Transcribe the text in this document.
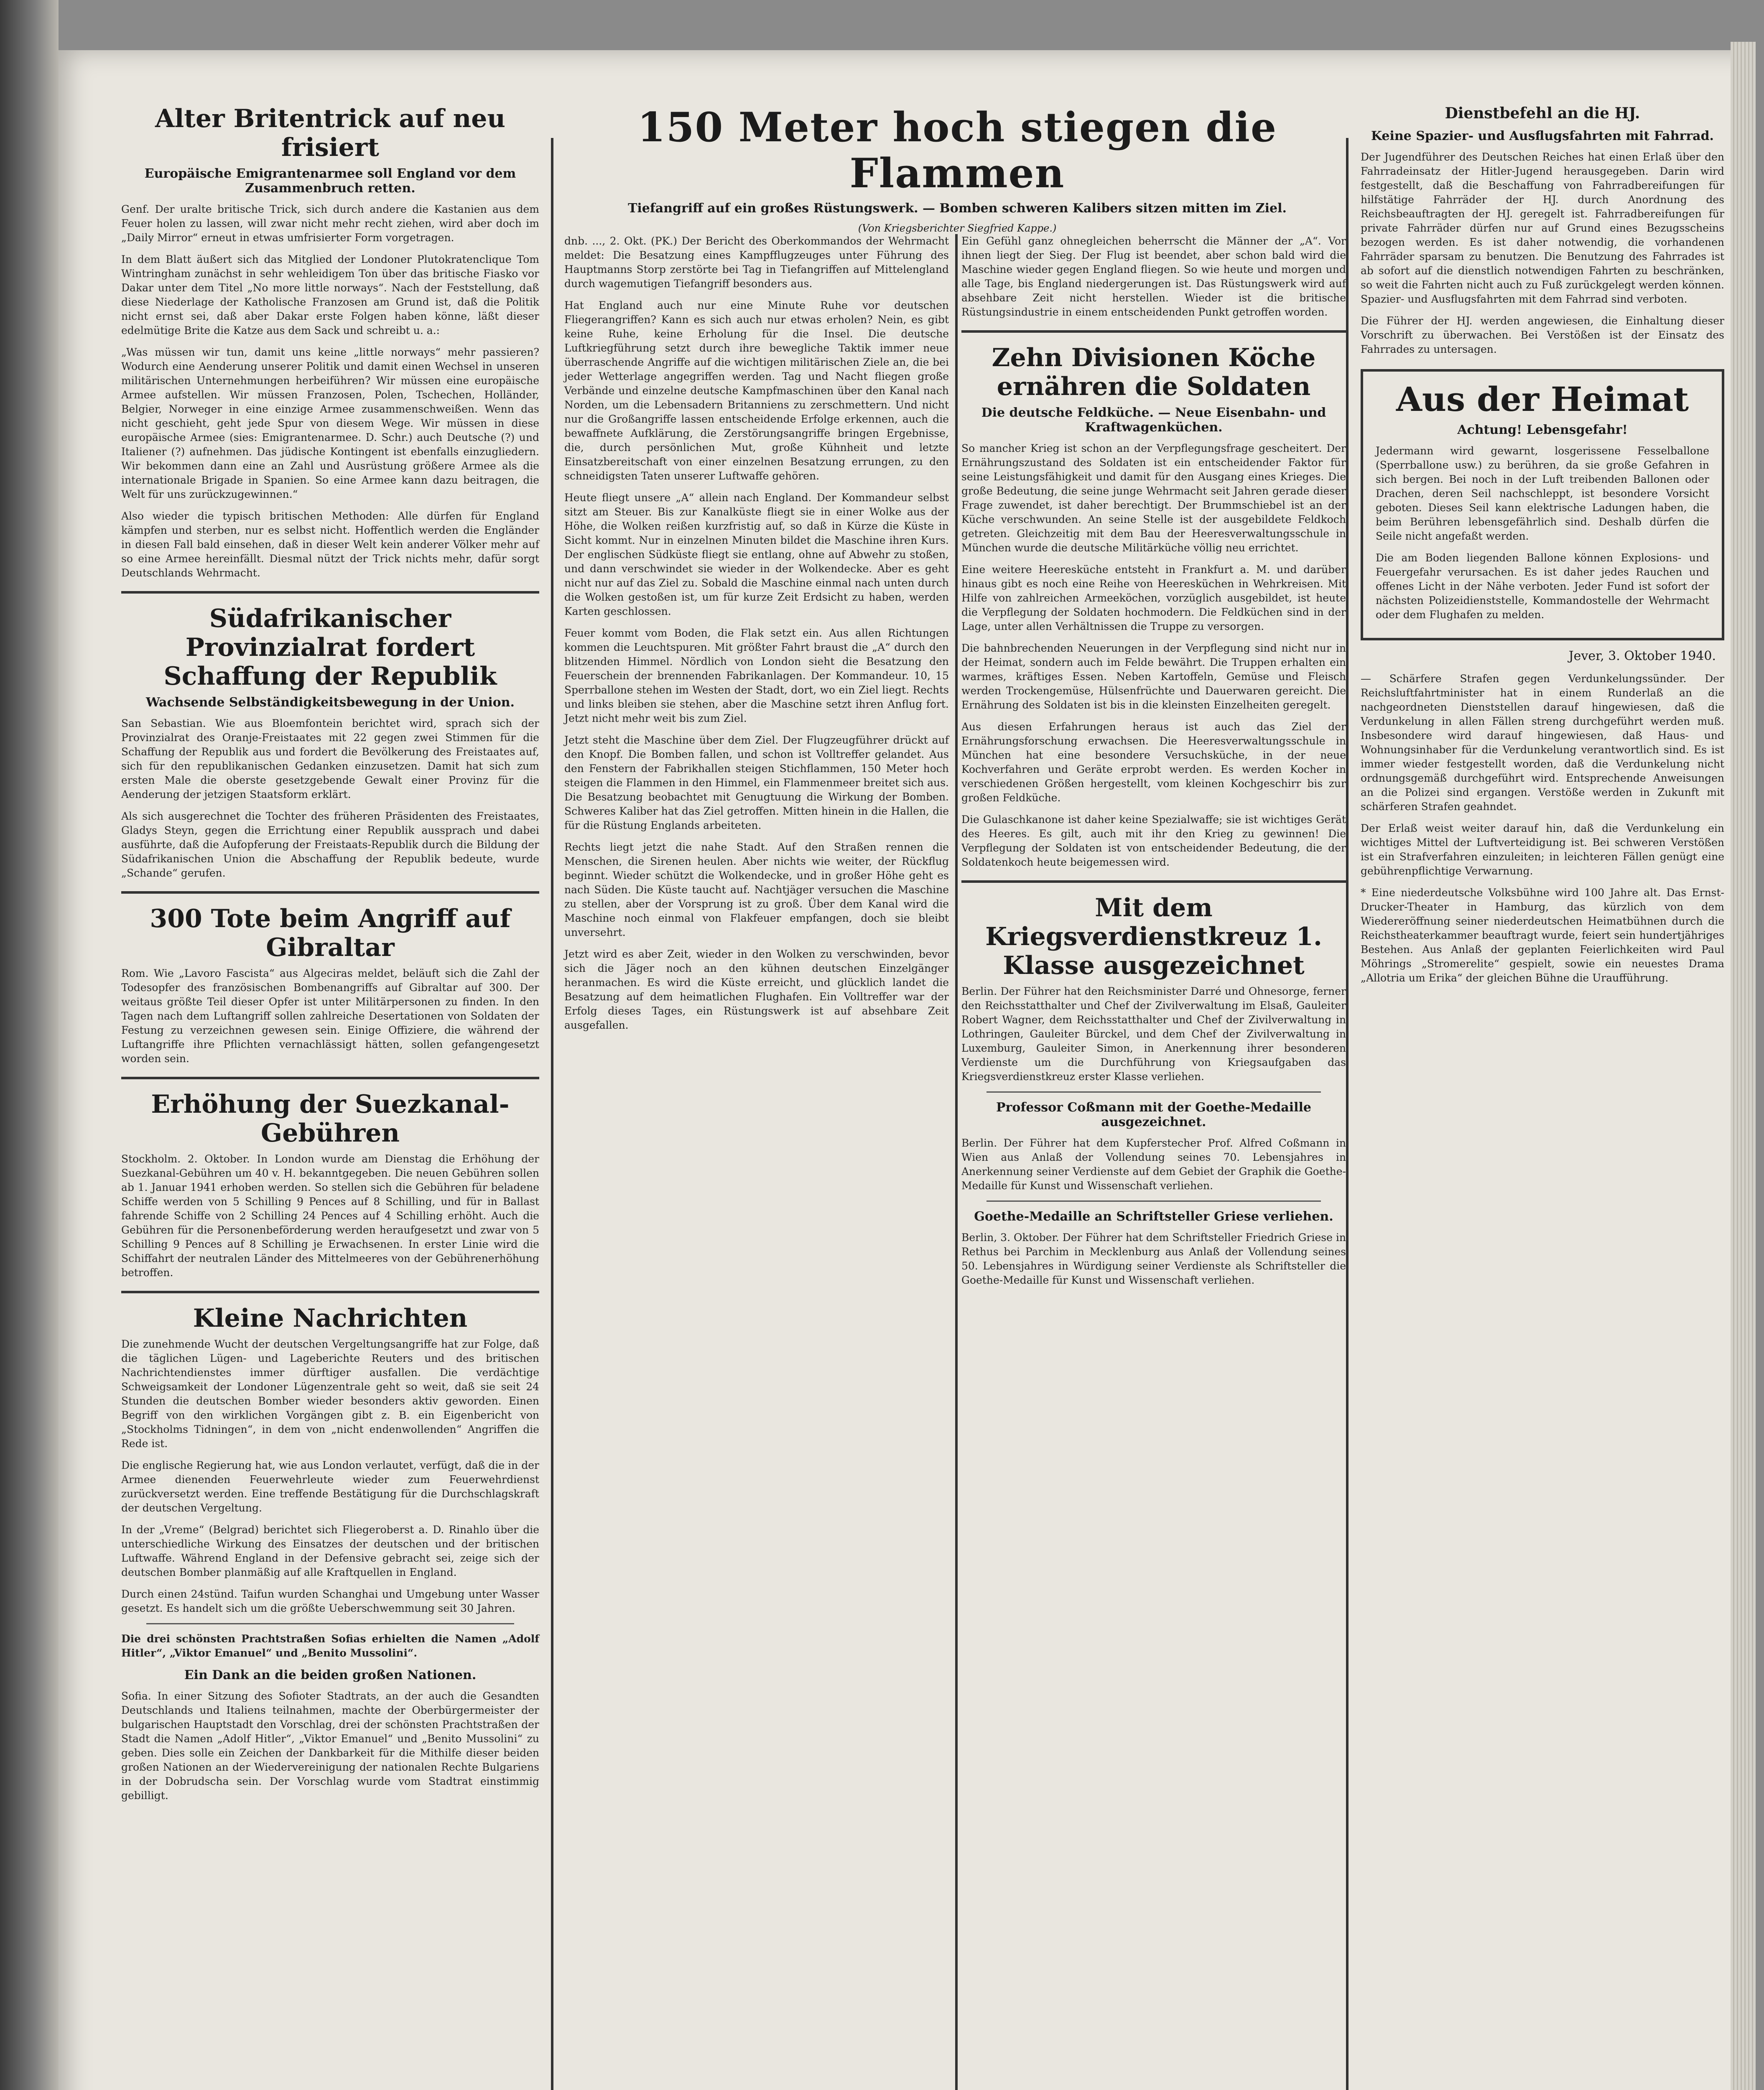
Alter Britentrick auf neu frisiert
Europäische Emigrantenarmee soll England vor dem Zusammenbruch retten.

Genf. Der uralte britische Trick, sich durch andere die Kastanien aus dem Feuer holen zu lassen, will zwar nicht mehr recht ziehen, wird aber doch im „Daily Mirror“ erneut in etwas umfrisierter Form vorgetragen.

In dem Blatt äußert sich das Mitglied der Londoner Plutokratenclique Tom Wintringham zunächst in sehr wehleidigem Ton über das britische Fiasko vor Dakar unter dem Titel „No more little norways“. Nach der Feststellung, daß diese Niederlage der Katholische Franzosen am Grund ist, daß die Politik nicht ernst sei, daß aber Dakar erste Folgen haben könne, läßt dieser edelmütige Brite die Katze aus dem Sack und schreibt u. a.:

„Was müssen wir tun, damit uns keine „little norways“ mehr passieren? Wodurch eine Aenderung unserer Politik und damit einen Wechsel in unseren militärischen Unternehmungen herbeiführen? Wir müssen eine europäische Armee aufstellen. Wir müssen Franzosen, Polen, Tschechen, Holländer, Belgier, Norweger in eine einzige Armee zusammenschweißen. Wenn das nicht geschieht, geht jede Spur von diesem Wege. Wir müssen in diese europäische Armee (sies: Emigrantenarmee. D. Schr.) auch Deutsche (?) und Italiener (?) aufnehmen. Das jüdische Kontingent ist ebenfalls einzugliedern. Wir bekommen dann eine an Zahl und Ausrüstung größere Armee als die internationale Brigade in Spanien. So eine Armee kann dazu beitragen, die Welt für uns zurückzugewinnen.“

Also wieder die typisch britischen Methoden: Alle dürfen für England kämpfen und sterben, nur es selbst nicht. Hoffentlich werden die Engländer in diesen Fall bald einsehen, daß in dieser Welt kein anderer Völker mehr auf so eine Armee hereinfällt. Diesmal nützt der Trick nichts mehr, dafür sorgt Deutschlands Wehrmacht.

Südafrikanischer Provinzialrat fordert Schaffung der Republik
Wachsende Selbständigkeitsbewegung in der Union.

San Sebastian. Wie aus Bloemfontein berichtet wird, sprach sich der Provinzialrat des Oranje-Freistaates mit 22 gegen zwei Stimmen für die Schaffung der Republik aus und fordert die Bevölkerung des Freistaates auf, sich für den republikanischen Gedanken einzusetzen. Damit hat sich zum ersten Male die oberste gesetzgebende Gewalt einer Provinz für die Aenderung der jetzigen Staatsform erklärt.

Als sich ausgerechnet die Tochter des früheren Präsidenten des Freistaates, Gladys Steyn, gegen die Errichtung einer Republik aussprach und dabei ausführte, daß die Aufopferung der Freistaats-Republik durch die Bildung der Südafrikanischen Union die Abschaffung der Republik bedeute, wurde „Schande“ gerufen.

300 Tote beim Angriff auf Gibraltar

Rom. Wie „Lavoro Fascista“ aus Algeciras meldet, beläuft sich die Zahl der Todesopfer des französischen Bombenangriffs auf Gibraltar auf 300. Der weitaus größte Teil dieser Opfer ist unter Militärpersonen zu finden. In den Tagen nach dem Luftangriff sollen zahlreiche Desertationen von Soldaten der Festung zu verzeichnen gewesen sein. Einige Offiziere, die während der Luftangriffe ihre Pflichten vernachlässigt hätten, sollen gefangengesetzt worden sein.

Erhöhung der Suezkanal-Gebühren

Stockholm. 2. Oktober. In London wurde am Dienstag die Erhöhung der Suezkanal-Gebühren um 40 v. H. bekanntgegeben. Die neuen Gebühren sollen ab 1. Januar 1941 erhoben werden. So stellen sich die Gebühren für beladene Schiffe werden von 5 Schilling 9 Pences auf 8 Schilling, und für in Ballast fahrende Schiffe von 2 Schilling 24 Pences auf 4 Schilling erhöht. Auch die Gebühren für die Personenbeförderung werden heraufgesetzt und zwar von 5 Schilling 9 Pences auf 8 Schilling je Erwachsenen. In erster Linie wird die Schiffahrt der neutralen Länder des Mittelmeeres von der Gebührenerhöhung betroffen.

Kleine Nachrichten

Die zunehmende Wucht der deutschen Vergeltungsangriffe hat zur Folge, daß die täglichen Lügen- und Lageberichte Reuters und des britischen Nachrichtendienstes immer dürftiger ausfallen. Die verdächtige Schweigsamkeit der Londoner Lügenzentrale geht so weit, daß sie seit 24 Stunden die deutschen Bomber wieder besonders aktiv geworden. Einen Begriff von den wirklichen Vorgängen gibt z. B. ein Eigenbericht von „Stockholms Tidningen“, in dem von „nicht endenwollenden“ Angriffen die Rede ist.

Die englische Regierung hat, wie aus London verlautet, verfügt, daß die in der Armee dienenden Feuerwehrleute wieder zum Feuerwehrdienst zurückversetzt werden. Eine treffende Bestätigung für die Durchschlagskraft der deutschen Vergeltung.

In der „Vreme“ (Belgrad) berichtet sich Fliegeroberst a. D. Rinahlo über die unterschiedliche Wirkung des Einsatzes der deutschen und der britischen Luftwaffe. Während England in der Defensive gebracht sei, zeige sich der deutschen Bomber planmäßig auf alle Kraftquellen in England.

Durch einen 24stünd. Taifun wurden Schanghai und Umgebung unter Wasser gesetzt. Es handelt sich um die größte Ueberschwemmung seit 30 Jahren.

Die drei schönsten Prachtstraßen Sofias erhielten die Namen „Adolf Hitler“, „Viktor Emanuel“ und „Benito Mussolini“.

Ein Dank an die beiden großen Nationen.

Sofia. In einer Sitzung des Sofioter Stadtrats, an der auch die Gesandten Deutschlands und Italiens teilnahmen, machte der Oberbürgermeister der bulgarischen Hauptstadt den Vorschlag, drei der schönsten Prachtstraßen der Stadt die Namen „Adolf Hitler“, „Viktor Emanuel“ und „Benito Mussolini“ zu geben. Dies solle ein Zeichen der Dankbarkeit für die Mithilfe dieser beiden großen Nationen an der Wiedervereinigung der nationalen Rechte Bulgariens in der Dobrudscha sein. Der Vorschlag wurde vom Stadtrat einstimmig gebilligt.

150 Meter hoch stiegen die Flammen
Tiefangriff auf ein großes Rüstungswerk. — Bomben schweren Kalibers sitzen mitten im Ziel.
(Von Kriegsberichter Siegfried Kappe.)

dnb. ..., 2. Okt. (PK.) Der Bericht des Oberkommandos der Wehrmacht meldet: Die Besatzung eines Kampfflugzeuges unter Führung des Hauptmanns Storp zerstörte bei Tag in Tiefangriffen auf Mittelengland durch wagemutigen Tiefangriff besonders aus.

Hat England auch nur eine Minute Ruhe vor deutschen Fliegerangriffen? Kann es sich auch nur etwas erholen? Nein, es gibt keine Ruhe, keine Erholung für die Insel. Die deutsche Luftkriegführung setzt durch ihre bewegliche Taktik immer neue überraschende Angriffe auf die wichtigen militärischen Ziele an, die bei jeder Wetterlage angegriffen werden. Tag und Nacht fliegen große Verbände und einzelne deutsche Kampfmaschinen über den Kanal nach Norden, um die Lebensadern Britanniens zu zerschmettern. Und nicht nur die Großangriffe lassen entscheidende Erfolge erkennen, auch die bewaffnete Aufklärung, die Zerstörungsangriffe bringen Ergebnisse, die, durch persönlichen Mut, große Kühnheit und letzte Einsatzbereitschaft von einer einzelnen Besatzung errungen, zu den schneidigsten Taten unserer Luftwaffe gehören.

Heute fliegt unsere „A“ allein nach England. Der Kommandeur selbst sitzt am Steuer. Bis zur Kanalküste fliegt sie in einer Wolke aus der Höhe, die Wolken reißen kurzfristig auf, so daß in Kürze die Küste in Sicht kommt. Nur in einzelnen Minuten bildet die Maschine ihren Kurs. Der englischen Südküste fliegt sie entlang, ohne auf Abwehr zu stoßen, und dann verschwindet sie wieder in der Wolkendecke. Aber es geht nicht nur auf das Ziel zu. Sobald die Maschine einmal nach unten durch die Wolken gestoßen ist, um für kurze Zeit Erdsicht zu haben, werden Karten geschlossen.

Feuer kommt vom Boden, die Flak setzt ein. Aus allen Richtungen kommen die Leuchtspuren. Mit größter Fahrt braust die „A“ durch den blitzenden Himmel. Nördlich von London sieht die Besatzung den Feuerschein der brennenden Fabrikanlagen. Der Kommandeur. 10, 15 Sperrballone stehen im Westen der Stadt, dort, wo ein Ziel liegt. Rechts und links bleiben sie stehen, aber die Maschine setzt ihren Anflug fort. Jetzt nicht mehr weit bis zum Ziel.

Jetzt steht die Maschine über dem Ziel. Der Flugzeugführer drückt auf den Knopf. Die Bomben fallen, und schon ist Volltreffer gelandet. Aus den Fenstern der Fabrikhallen steigen Stichflammen, 150 Meter hoch steigen die Flammen in den Himmel, ein Flammenmeer breitet sich aus. Die Besatzung beobachtet mit Genugtuung die Wirkung der Bomben. Schweres Kaliber hat das Ziel getroffen. Mitten hinein in die Hallen, die für die Rüstung Englands arbeiteten.

Rechts liegt jetzt die nahe Stadt. Auf den Straßen rennen die Menschen, die Sirenen heulen. Aber nichts wie weiter, der Rückflug beginnt. Wieder schützt die Wolkendecke, und in großer Höhe geht es nach Süden. Die Küste taucht auf. Nachtjäger versuchen die Maschine zu stellen, aber der Vorsprung ist zu groß. Über dem Kanal wird die Maschine noch einmal von Flakfeuer empfangen, doch sie bleibt unversehrt.

Jetzt wird es aber Zeit, wieder in den Wolken zu verschwinden, bevor sich die Jäger noch an den kühnen deutschen Einzelgänger heranmachen. Es wird die Küste erreicht, und glücklich landet die Besatzung auf dem heimatlichen Flughafen. Ein Volltreffer war der Erfolg dieses Tages, ein Rüstungswerk ist auf absehbare Zeit ausgefallen.

Ein Gefühl ganz ohnegleichen beherrscht die Männer der „A“. Vor ihnen liegt der Sieg. Der Flug ist beendet, aber schon bald wird die Maschine wieder gegen England fliegen. So wie heute und morgen und alle Tage, bis England niedergerungen ist. Das Rüstungswerk wird auf absehbare Zeit nicht herstellen. Wieder ist die britische Rüstungsindustrie in einem entscheidenden Punkt getroffen worden.

Zehn Divisionen Köche ernähren die Soldaten
Die deutsche Feldküche. — Neue Eisenbahn- und Kraftwagenküchen.

So mancher Krieg ist schon an der Verpflegungsfrage gescheitert. Der Ernährungszustand des Soldaten ist ein entscheidender Faktor für seine Leistungsfähigkeit und damit für den Ausgang eines Krieges. Die große Bedeutung, die seine junge Wehrmacht seit Jahren gerade dieser Frage zuwendet, ist daher berechtigt. Der Brummschiebel ist an der Küche verschwunden. An seine Stelle ist der ausgebildete Feldkoch getreten. Gleichzeitig mit dem Bau der Heeresverwaltungsschule in München wurde die deutsche Militärküche völlig neu errichtet.

Eine weitere Heeresküche entsteht in Frankfurt a. M. und darüber hinaus gibt es noch eine Reihe von Heeresküchen in Wehrkreisen. Mit Hilfe von zahlreichen Armeeköchen, vorzüglich ausgebildet, ist heute die Verpflegung der Soldaten hochmodern. Die Feldküchen sind in der Lage, unter allen Verhältnissen die Truppe zu versorgen.

Die bahnbrechenden Neuerungen in der Verpflegung sind nicht nur in der Heimat, sondern auch im Felde bewährt. Die Truppen erhalten ein warmes, kräftiges Essen. Neben Kartoffeln, Gemüse und Fleisch werden Trockengemüse, Hülsenfrüchte und Dauerwaren gereicht. Die Ernährung des Soldaten ist bis in die kleinsten Einzelheiten geregelt.

Aus diesen Erfahrungen heraus ist auch das Ziel der Ernährungsforschung erwachsen. Die Heeresverwaltungsschule in München hat eine besondere Versuchsküche, in der neue Kochverfahren und Geräte erprobt werden. Es werden Kocher in verschiedenen Größen hergestellt, vom kleinen Kochgeschirr bis zur großen Feldküche.

Die Gulaschkanone ist daher keine Spezialwaffe; sie ist wichtiges Gerät des Heeres. Es gilt, auch mit ihr den Krieg zu gewinnen! Die Verpflegung der Soldaten ist von entscheidender Bedeutung, die der Soldatenkoch heute beigemessen wird.

Mit dem Kriegsverdienstkreuz 1. Klasse ausgezeichnet

Berlin. Der Führer hat den Reichsminister Darré und Ohnesorge, ferner den Reichsstatthalter und Chef der Zivilverwaltung im Elsaß, Gauleiter Robert Wagner, dem Reichsstatthalter und Chef der Zivilverwaltung in Lothringen, Gauleiter Bürckel, und dem Chef der Zivilverwaltung in Luxemburg, Gauleiter Simon, in Anerkennung ihrer besonderen Verdienste um die Durchführung von Kriegsaufgaben das Kriegsverdienstkreuz erster Klasse verliehen.

Professor Coßmann mit der Goethe-Medaille ausgezeichnet.

Berlin. Der Führer hat dem Kupferstecher Prof. Alfred Coßmann in Wien aus Anlaß der Vollendung seines 70. Lebensjahres in Anerkennung seiner Verdienste auf dem Gebiet der Graphik die Goethe-Medaille für Kunst und Wissenschaft verliehen.

Goethe-Medaille an Schriftsteller Griese verliehen.

Berlin, 3. Oktober. Der Führer hat dem Schriftsteller Friedrich Griese in Rethus bei Parchim in Mecklenburg aus Anlaß der Vollendung seines 50. Lebensjahres in Würdigung seiner Verdienste als Schriftsteller die Goethe-Medaille für Kunst und Wissenschaft verliehen.

Dienstbefehl an die HJ.
Keine Spazier- und Ausflugsfahrten mit Fahrrad.

Der Jugendführer des Deutschen Reiches hat einen Erlaß über den Fahrradeinsatz der Hitler-Jugend herausgegeben. Darin wird festgestellt, daß die Beschaffung von Fahrradbereifungen für hilfstätige Fahrräder der HJ. durch Anordnung des Reichsbeauftragten der HJ. geregelt ist. Fahrradbereifungen für private Fahrräder dürfen nur auf Grund eines Bezugsscheins bezogen werden. Es ist daher notwendig, die vorhandenen Fahrräder sparsam zu benutzen. Die Benutzung des Fahrrades ist ab sofort auf die dienstlich notwendigen Fahrten zu beschränken, so weit die Fahrten nicht auch zu Fuß zurückgelegt werden können. Spazier- und Ausflugsfahrten mit dem Fahrrad sind verboten.

Die Führer der HJ. werden angewiesen, die Einhaltung dieser Vorschrift zu überwachen. Bei Verstößen ist der Einsatz des Fahrrades zu untersagen.

Aus der Heimat
Achtung! Lebensgefahr!

Jedermann wird gewarnt, losgerissene Fesselballone (Sperrballone usw.) zu berühren, da sie große Gefahren in sich bergen. Bei noch in der Luft treibenden Ballonen oder Drachen, deren Seil nachschleppt, ist besondere Vorsicht geboten. Dieses Seil kann elektrische Ladungen haben, die beim Berühren lebensgefährlich sind. Deshalb dürfen die Seile nicht angefaßt werden.

Die am Boden liegenden Ballone können Explosions- und Feuergefahr verursachen. Es ist daher jedes Rauchen und offenes Licht in der Nähe verboten. Jeder Fund ist sofort der nächsten Polizeidienststelle, Kommandostelle der Wehrmacht oder dem Flughafen zu melden.

Jever, 3. Oktober 1940.

— Schärfere Strafen gegen Verdunkelungssünder. Der Reichsluftfahrtminister hat in einem Runderlaß an die nachgeordneten Dienststellen darauf hingewiesen, daß die Verdunkelung in allen Fällen streng durchgeführt werden muß. Insbesondere wird darauf hingewiesen, daß Haus- und Wohnungsinhaber für die Verdunkelung verantwortlich sind. Es ist immer wieder festgestellt worden, daß die Verdunkelung nicht ordnungsgemäß durchgeführt wird. Entsprechende Anweisungen an die Polizei sind ergangen. Verstöße werden in Zukunft mit schärferen Strafen geahndet.

Der Erlaß weist weiter darauf hin, daß die Verdunkelung ein wichtiges Mittel der Luftverteidigung ist. Bei schweren Verstößen ist ein Strafverfahren einzuleiten; in leichteren Fällen genügt eine gebührenpflichtige Verwarnung.

* Eine niederdeutsche Volksbühne wird 100 Jahre alt. Das Ernst-Drucker-Theater in Hamburg, das kürzlich von dem Wiedereröffnung seiner niederdeutschen Heimatbühnen durch die Reichstheaterkammer beauftragt wurde, feiert sein hundertjähriges Bestehen. Aus Anlaß der geplanten Feierlichkeiten wird Paul Möhrings „Stromerelite“ gespielt, sowie ein neuestes Drama „Allotria um Erika“ der gleichen Bühne die Uraufführung.
